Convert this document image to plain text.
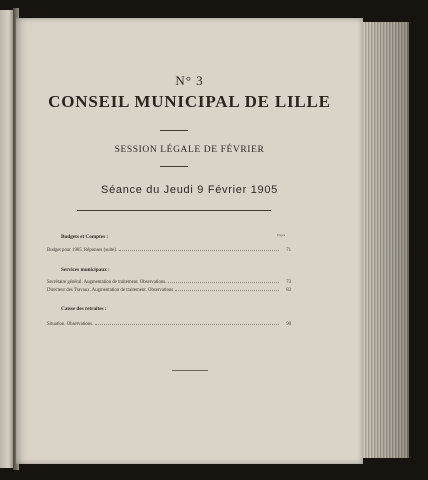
N° 3
CONSEIL MUNICIPAL DE LILLE
SESSION LÉGALE DE FÉVRIER
Séance du Jeudi 9 Février 1905
Pages
Budgets et Comptes :
Budget pour 1905. Réponses (suite).	71
Services municipaux :
Secrétaire général. Augmentation de traitement. Observations.	73
Directeur des Travaux. Augmentation de traitement. Observations	83
Caisse des retraites :
Situation. Observations.	90
